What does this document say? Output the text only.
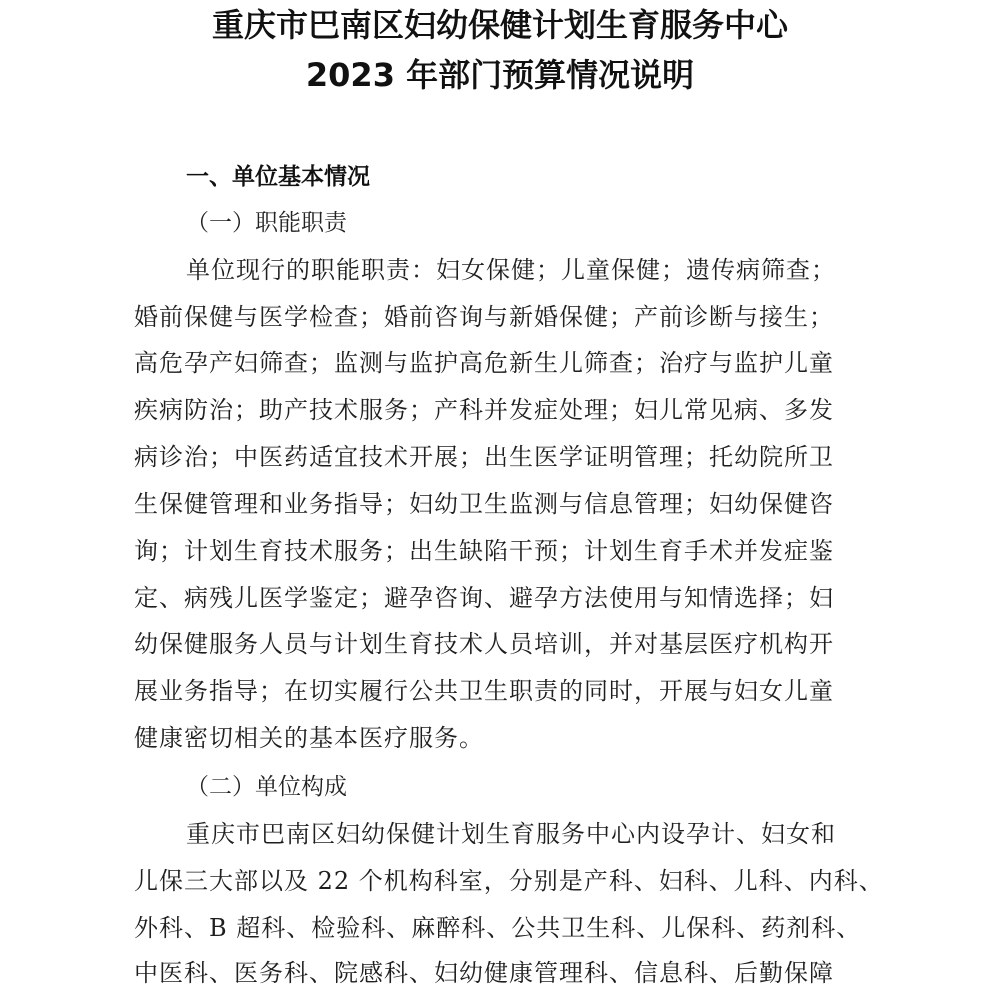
重庆市巴南区妇幼保健计划生育服务中心
2023 年部门预算情况说明
一、单位基本情况
（一）职能职责
单位现行的职能职责：妇女保健；儿童保健；遗传病筛查；
婚前保健与医学检查；婚前咨询与新婚保健；产前诊断与接生；
高危孕产妇筛查；监测与监护高危新生儿筛查；治疗与监护儿童
疾病防治；助产技术服务；产科并发症处理；妇儿常见病、多发
病诊治；中医药适宜技术开展；出生医学证明管理；托幼院所卫
生保健管理和业务指导；妇幼卫生监测与信息管理；妇幼保健咨
询；计划生育技术服务；出生缺陷干预；计划生育手术并发症鉴
定、病残儿医学鉴定；避孕咨询、避孕方法使用与知情选择；妇
幼保健服务人员与计划生育技术人员培训，并对基层医疗机构开
展业务指导；在切实履行公共卫生职责的同时，开展与妇女儿童
健康密切相关的基本医疗服务。
（二）单位构成
重庆市巴南区妇幼保健计划生育服务中心内设孕计、妇女和
儿保三大部以及 22 个机构科室，分别是产科、妇科、儿科、内科、
外科、B 超科、检验科、麻醉科、公共卫生科、儿保科、药剂科、
中医科、医务科、院感科、妇幼健康管理科、信息科、后勤保障
